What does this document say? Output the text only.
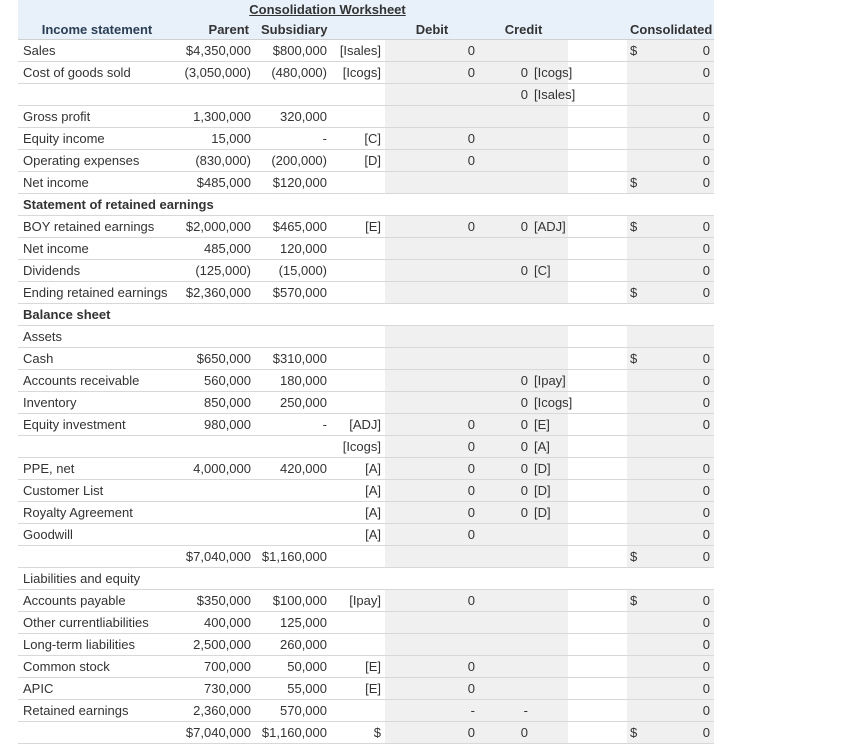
	Consolidation Worksheet						
Income statement	Parent	Subsidiary		Debit	Credit		Consolidated
Sales	$4,350,000	$800,000	[Isales]	0			$ 0
Cost of goods sold	(3,050,000)	(480,000)	[Icogs]	0	0 [Icogs]		0

					0 [Isales]		

Gross profit	1,300,000	320,000					0
Equity income	15,000	-	[C]	0			0
Operating expenses	(830,000)	(200,000)	[D]	0			0
Net income	$485,000	$120,000					$ 0
Statement of retained earnings							
BOY retained earnings	$2,000,000	$465,000	[E]	0	0 [ADJ]		$ 0
Net income	485,000	120,000					0
Dividends	(125,000)	(15,000)			0 [C]		0
Ending retained earnings	$2,360,000	$570,000					$ 0
Balance sheet							
Assets					

Cash	$650,000	$310,000					$ 0
Accounts receivable	560,000	180,000			0 [Ipay]		0
Inventory	850,000	250,000			0 [Icogs]		0
Equity investment	980,000	-	[ADJ]	0	0 [E]		0
			[Icogs]	0	0 [A]		

PPE, net	4,000,000	420,000	[A]	0	0 [D]		0
Customer List			[A]	0	0 [D]		0
Royalty Agreement			[A]	0	0 [D]		0
Goodwill			[A]	0			0
	$7,040,000	$1,160,000					$ 0
Liabilities and equity							
Accounts payable	$350,000	$100,000	[Ipay]	0			$ 0
Other currentliabilities	400,000	125,000					0
Long-term liabilities	2,500,000	260,000					0
Common stock	700,000	50,000	[E]	0			0
APIC	730,000	55,000	[E]	0			0
Retained earnings	2,360,000	570,000		-	-		0
	$7,040,000	$1,160,000	$	0	0		$ 0
